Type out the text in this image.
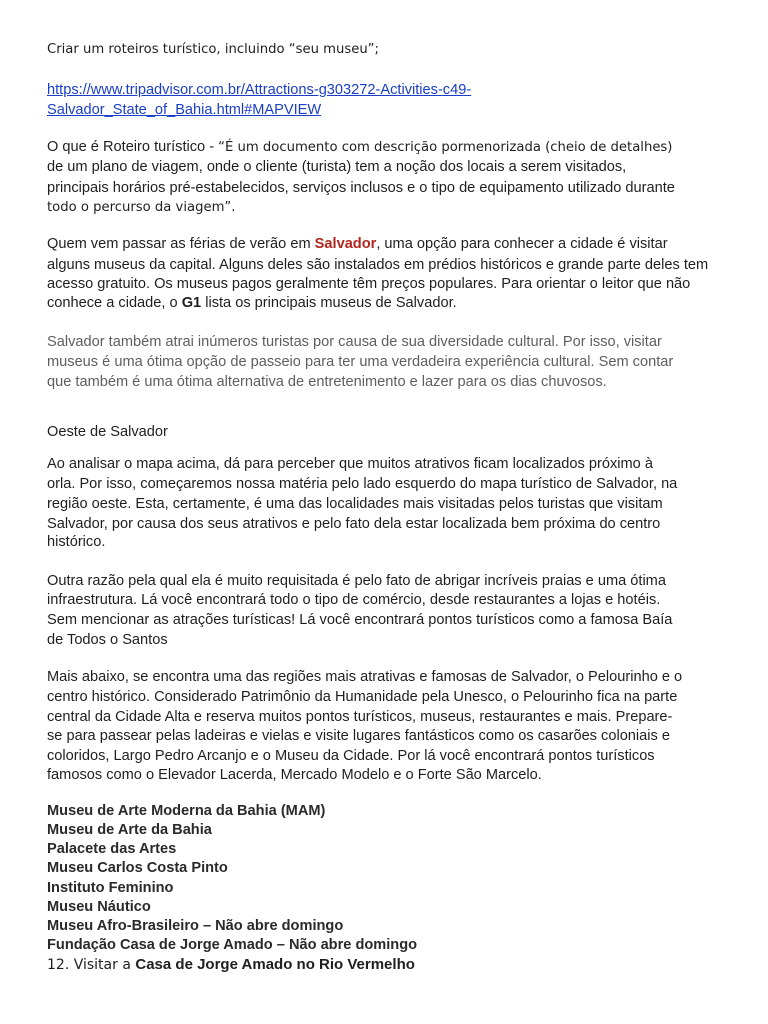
Criar um roteiros turístico, incluindo “seu museu”;
https://www.tripadvisor.com.br/Attractions-g303272-Activities-c49-
Salvador_State_of_Bahia.html#MAPVIEW
O que é Roteiro turístico - “É um documento com descrição pormenorizada (cheio de detalhes)
de um plano de viagem, onde o cliente (turista) tem a noção dos locais a serem visitados,
principais horários pré-estabelecidos, serviços inclusos e o tipo de equipamento utilizado durante
todo o percurso da viagem”.
Quem vem passar as férias de verão em Salvador, uma opção para conhecer a cidade é visitar
alguns museus da capital. Alguns deles são instalados em prédios históricos e grande parte deles tem
acesso gratuito. Os museus pagos geralmente têm preços populares. Para orientar o leitor que não
conhece a cidade, o G1 lista os principais museus de Salvador.
Salvador também atrai inúmeros turistas por causa de sua diversidade cultural. Por isso, visitar
museus é uma ótima opção de passeio para ter uma verdadeira experiência cultural. Sem contar
que também é uma ótima alternativa de entretenimento e lazer para os dias chuvosos.
Oeste de Salvador
Ao analisar o mapa acima, dá para perceber que muitos atrativos ficam localizados próximo à
orla. Por isso, começaremos nossa matéria pelo lado esquerdo do mapa turístico de Salvador, na
região oeste. Esta, certamente, é uma das localidades mais visitadas pelos turistas que visitam
Salvador, por causa dos seus atrativos e pelo fato dela estar localizada bem próxima do centro
histórico.
Outra razão pela qual ela é muito requisitada é pelo fato de abrigar incríveis praias e uma ótima
infraestrutura. Lá você encontrará todo o tipo de comércio, desde restaurantes a lojas e hotéis.
Sem mencionar as atrações turísticas! Lá você encontrará pontos turísticos como a famosa Baía
de Todos o Santos
Mais abaixo, se encontra uma das regiões mais atrativas e famosas de Salvador, o Pelourinho e o
centro histórico. Considerado Patrimônio da Humanidade pela Unesco, o Pelourinho fica na parte
central da Cidade Alta e reserva muitos pontos turísticos, museus, restaurantes e mais. Prepare-
se para passear pelas ladeiras e vielas e visite lugares fantásticos como os casarões coloniais e
coloridos, Largo Pedro Arcanjo e o Museu da Cidade. Por lá você encontrará pontos turísticos
famosos como o Elevador Lacerda, Mercado Modelo e o Forte São Marcelo.
Museu de Arte Moderna da Bahia (MAM)
Museu de Arte da Bahia
Palacete das Artes
Museu Carlos Costa Pinto
Instituto Feminino
Museu Náutico
Museu Afro-Brasileiro – Não abre domingo
Fundação Casa de Jorge Amado – Não abre domingo
12. Visitar a Casa de Jorge Amado no Rio Vermelho
